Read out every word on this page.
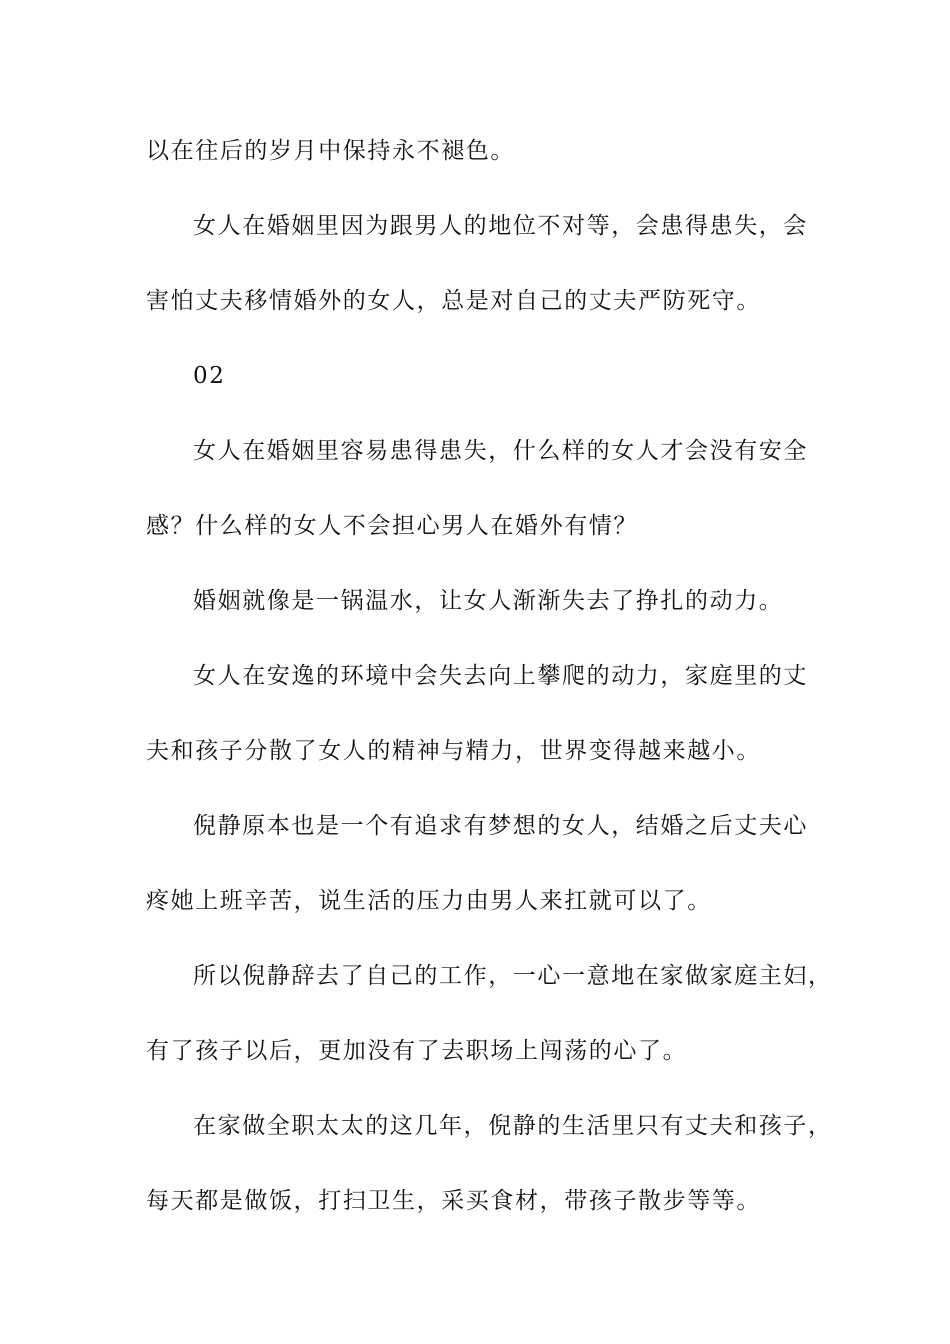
以在往后的岁月中保持永不褪色。
女人在婚姻里因为跟男人的地位不对等，会患得患失，会
害怕丈夫移情婚外的女人，总是对自己的丈夫严防死守。
02
女人在婚姻里容易患得患失，什么样的女人才会没有安全
感？什么样的女人不会担心男人在婚外有情？
婚姻就像是一锅温水，让女人渐渐失去了挣扎的动力。
女人在安逸的环境中会失去向上攀爬的动力，家庭里的丈
夫和孩子分散了女人的精神与精力，世界变得越来越小。
倪静原本也是一个有追求有梦想的女人，结婚之后丈夫心
疼她上班辛苦，说生活的压力由男人来扛就可以了。
所以倪静辞去了自己的工作，一心一意地在家做家庭主妇，
有了孩子以后，更加没有了去职场上闯荡的心了。
在家做全职太太的这几年，倪静的生活里只有丈夫和孩子，
每天都是做饭，打扫卫生，采买食材，带孩子散步等等。
